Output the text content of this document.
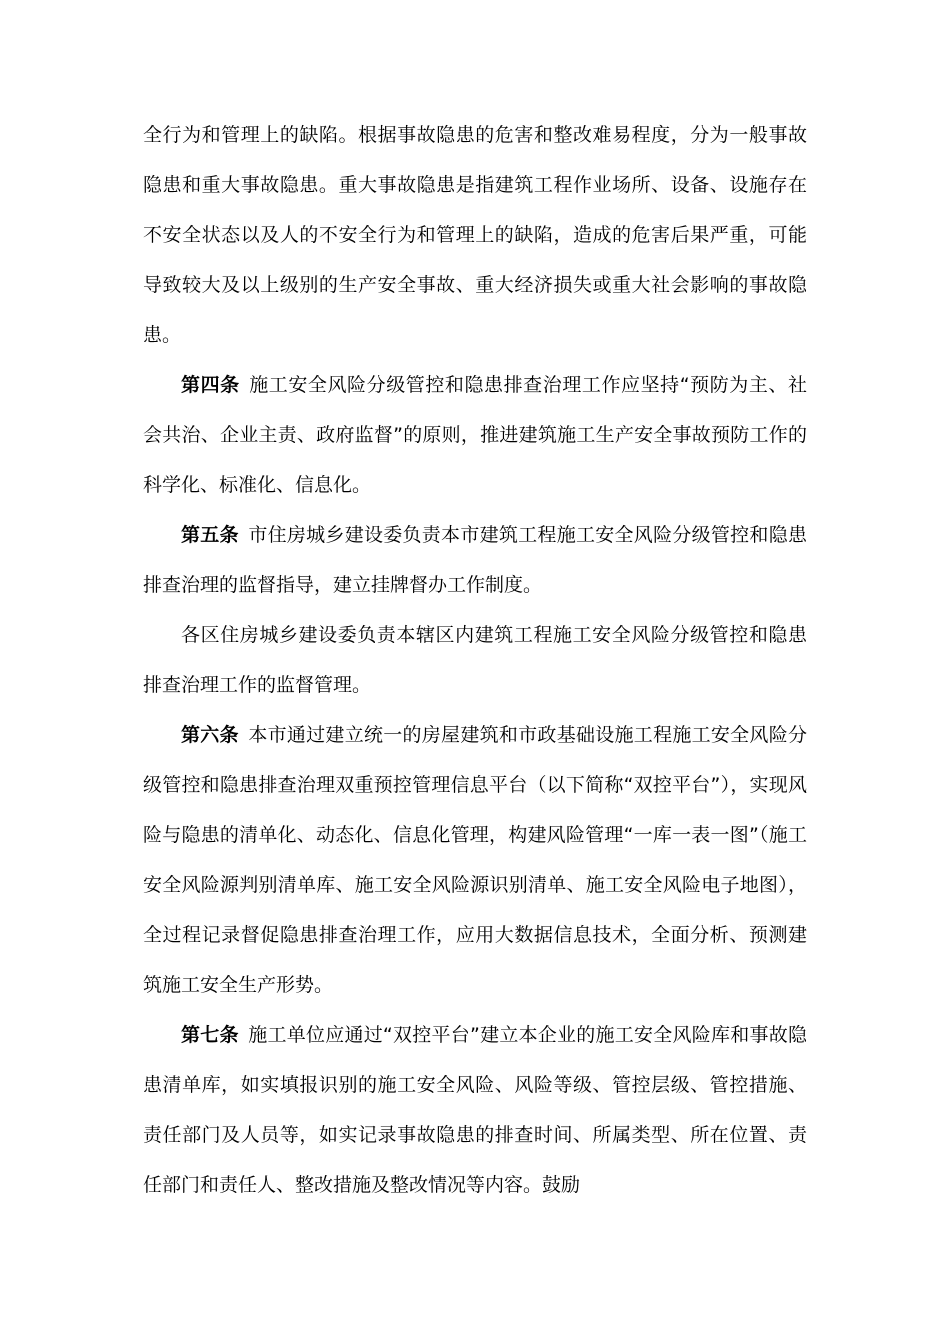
全行为和管理上的缺陷。根据事故隐患的危害和整改难易程度，分为一般事故隐患和重大事故隐患。重大事故隐患是指建筑工程作业场所、设备、设施存在不安全状态以及人的不安全行为和管理上的缺陷，造成的危害后果严重，可能导致较大及以上级别的生产安全事故、重大经济损失或重大社会影响的事故隐患。

第四条 施工安全风险分级管控和隐患排查治理工作应坚持“预防为主、社会共治、企业主责、政府监督”的原则，推进建筑施工生产安全事故预防工作的科学化、标准化、信息化。

第五条 市住房城乡建设委负责本市建筑工程施工安全风险分级管控和隐患排查治理的监督指导，建立挂牌督办工作制度。

各区住房城乡建设委负责本辖区内建筑工程施工安全风险分级管控和隐患排查治理工作的监督管理。

第六条 本市通过建立统一的房屋建筑和市政基础设施工程施工安全风险分级管控和隐患排查治理双重预控管理信息平台（以下简称“双控平台”），实现风险与隐患的清单化、动态化、信息化管理，构建风险管理“一库一表一图”（施工安全风险源判别清单库、施工安全风险源识别清单、施工安全风险电子地图），全过程记录督促隐患排查治理工作，应用大数据信息技术，全面分析、预测建筑施工安全生产形势。

第七条 施工单位应通过“双控平台”建立本企业的施工安全风险库和事故隐患清单库，如实填报识别的施工安全风险、风险等级、管控层级、管控措施、责任部门及人员等，如实记录事故隐患的排查时间、所属类型、所在位置、责任部门和责任人、整改措施及整改情况等内容。鼓励
